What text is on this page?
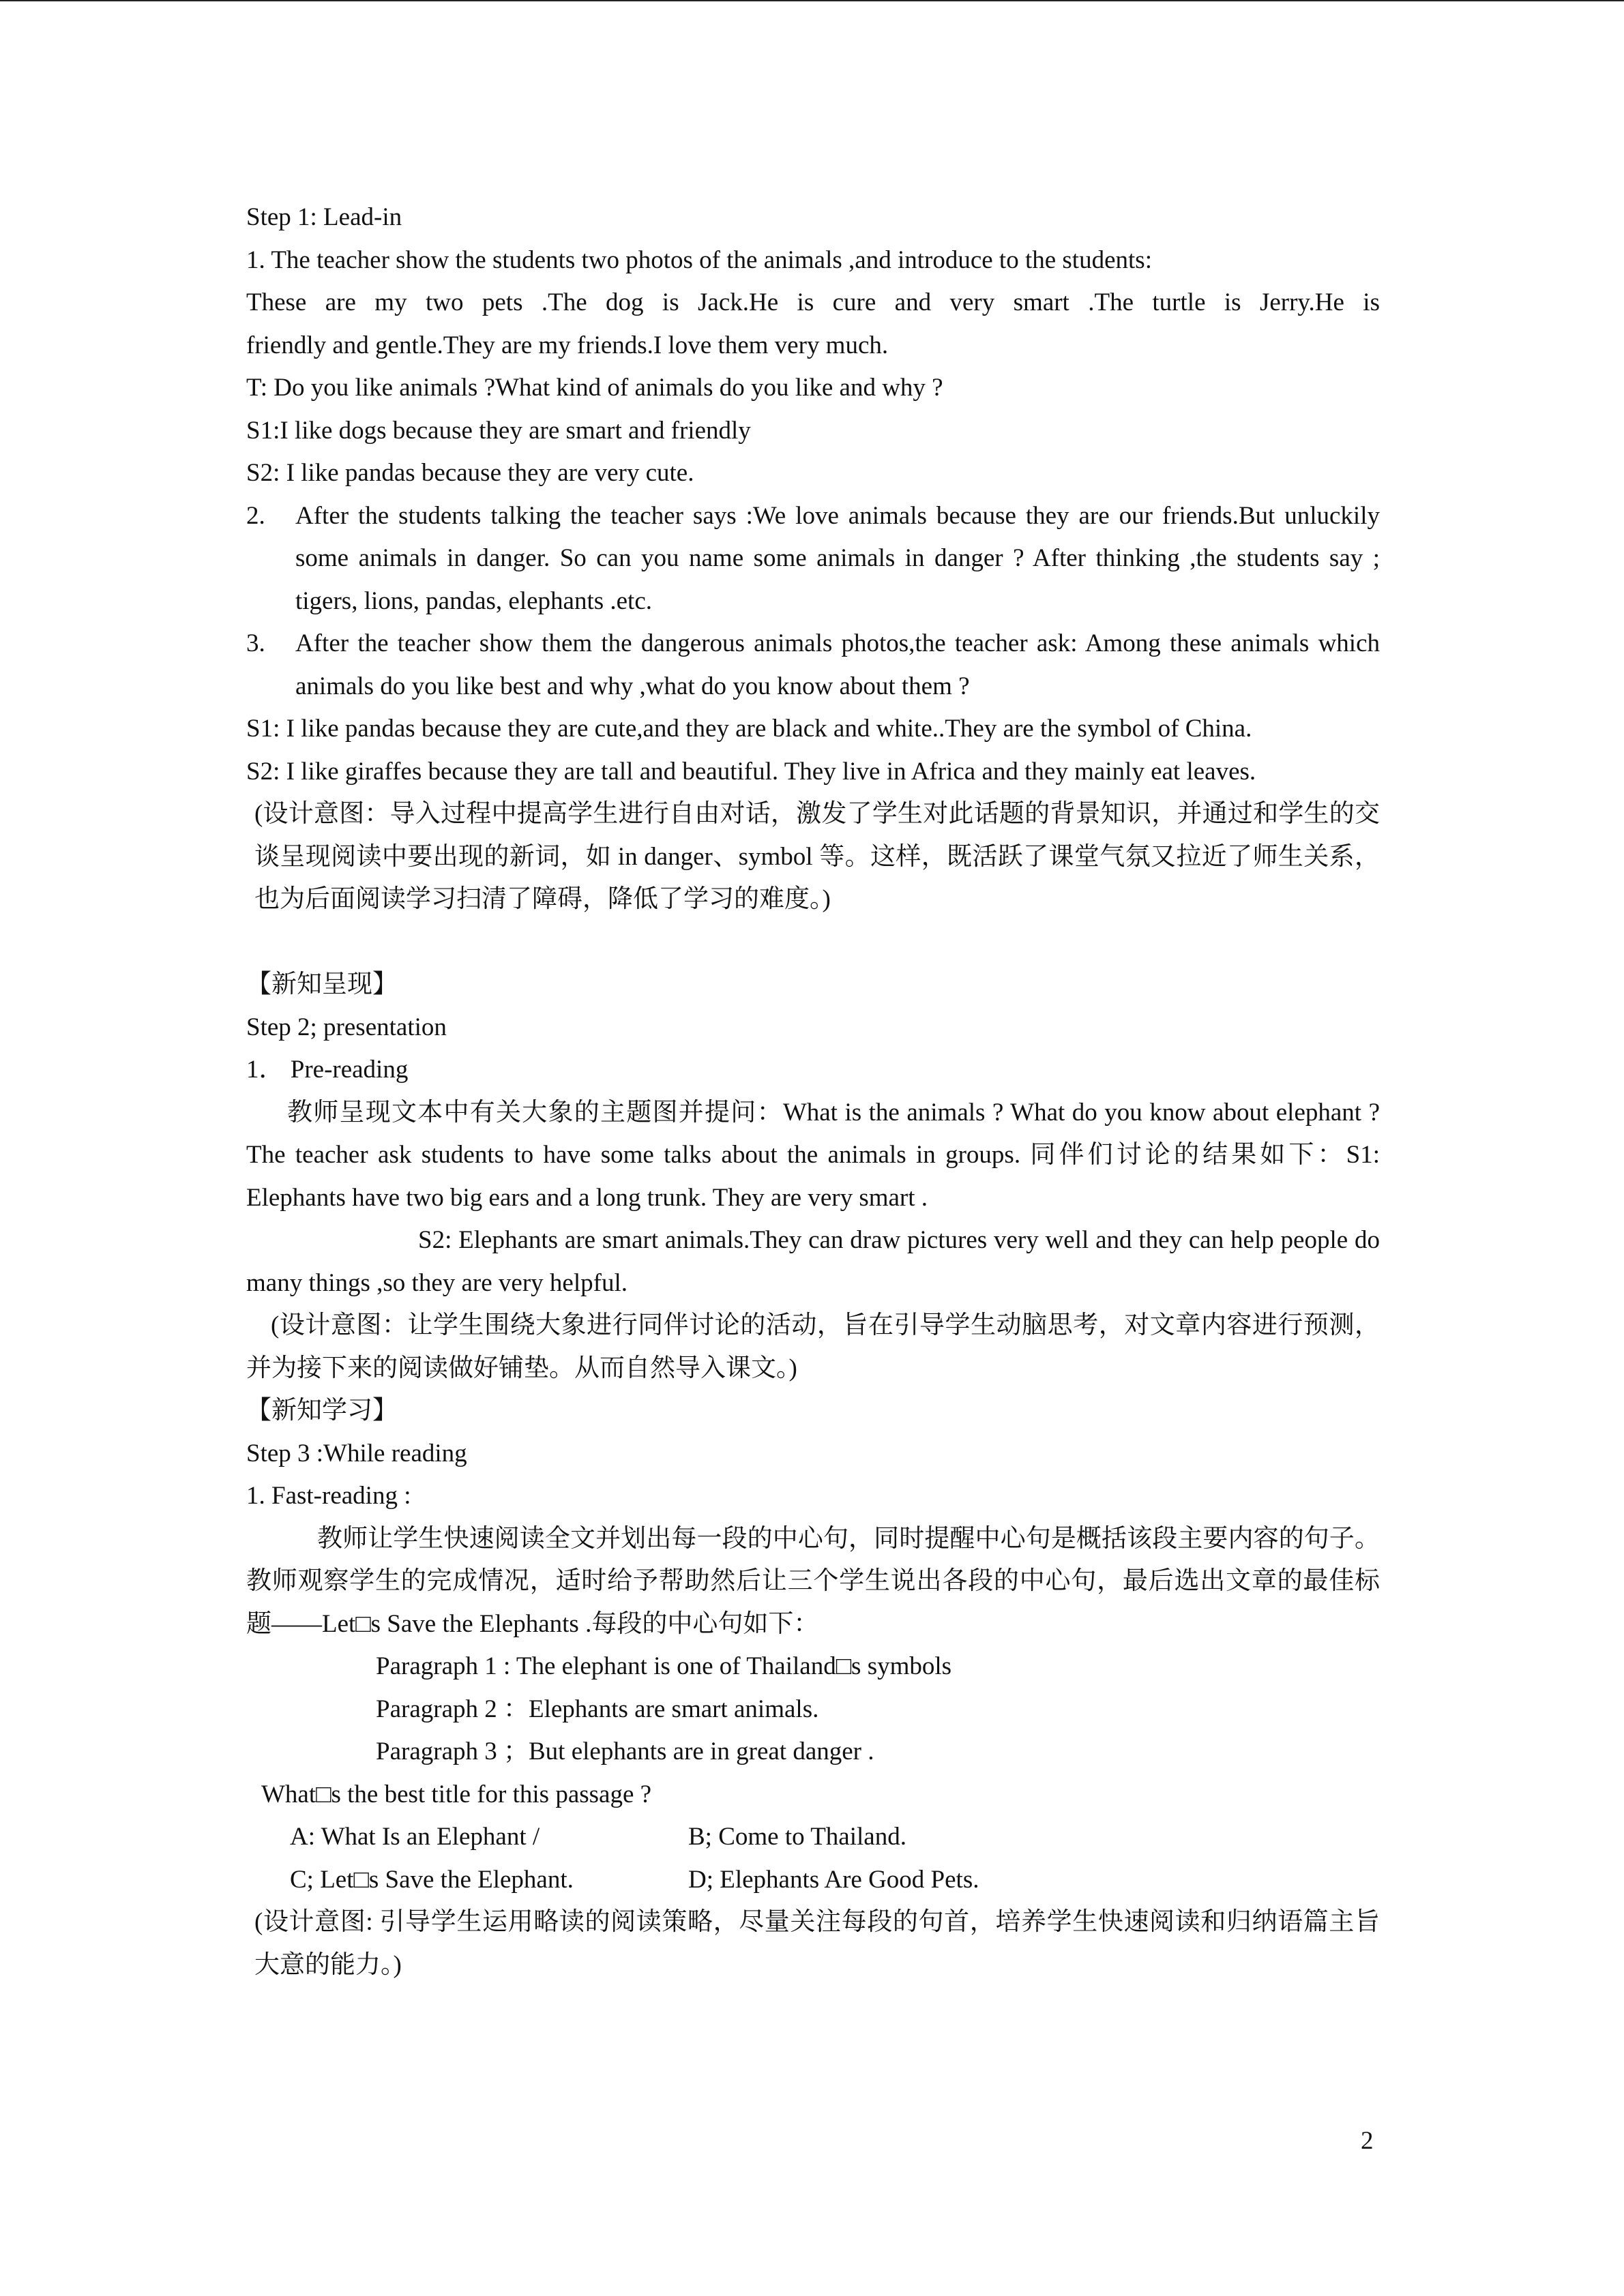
Step 1: Lead-in
1. The teacher show the students two photos of the animals ,and introduce to the students:
These are my two pets .The dog is Jack.He is cure and very smart .The turtle is Jerry.He is
friendly and gentle.They are my friends.I love them very much.
T: Do you like animals ?What kind of animals do you like and why ?
S1:I like dogs because they are smart and friendly
S2: I like pandas because they are very cute.
2.	After the students talking the teacher says :We love animals because they are our friends.But unluckily some animals in danger. So can you name some animals in danger ? After thinking ,the students say ; tigers, lions, pandas, elephants .etc.
3.	After the teacher show them the dangerous animals photos,the teacher ask: Among these animals which animals do you like best and why ,what do you know about them ?
S1: I like pandas because they are cute,and they are black and white..They are the symbol of China.
S2: I like giraffes because they are tall and beautiful. They live in Africa and they mainly eat leaves.
(设计意图：导入过程中提高学生进行自由对话，激发了学生对此话题的背景知识，并通过和学生的交谈呈现阅读中要出现的新词，如 in danger、symbol 等。这样，既活跃了课堂气氛又拉近了师生关系，也为后面阅读学习扫清了障碍，降低了学习的难度。)
【新知呈现】
Step 2; presentation
1． Pre-reading
教师呈现文本中有关大象的主题图并提问：What is the animals ? What do you know about elephant ? The teacher ask students to have some talks about the animals in groups. 同伴们讨论的结果如下：S1: Elephants have two big ears and a long trunk. They are very smart .
S2: Elephants are smart animals.They can draw pictures very well and they can help people do many things ,so they are very helpful.
(设计意图：让学生围绕大象进行同伴讨论的活动，旨在引导学生动脑思考，对文章内容进行预测，并为接下来的阅读做好铺垫。从而自然导入课文。)
【新知学习】
Step 3 :While reading
1. Fast-reading :
教师让学生快速阅读全文并划出每一段的中心句，同时提醒中心句是概括该段主要内容的句子。教师观察学生的完成情况，适时给予帮助然后让三个学生说出各段的中心句，最后选出文章的最佳标题——Let□s Save the Elephants .每段的中心句如下：
Paragraph 1 : The elephant is one of Thailand□s symbols
Paragraph 2 ：Elephants are smart animals.
Paragraph 3 ；But elephants are in great danger .
What□s the best title for this passage ?
A: What Is an Elephant /	B; Come to Thailand.
C; Let□s Save the Elephant.	D; Elephants Are Good Pets.
(设计意图: 引导学生运用略读的阅读策略，尽量关注每段的句首，培养学生快速阅读和归纳语篇主旨大意的能力。)
2
